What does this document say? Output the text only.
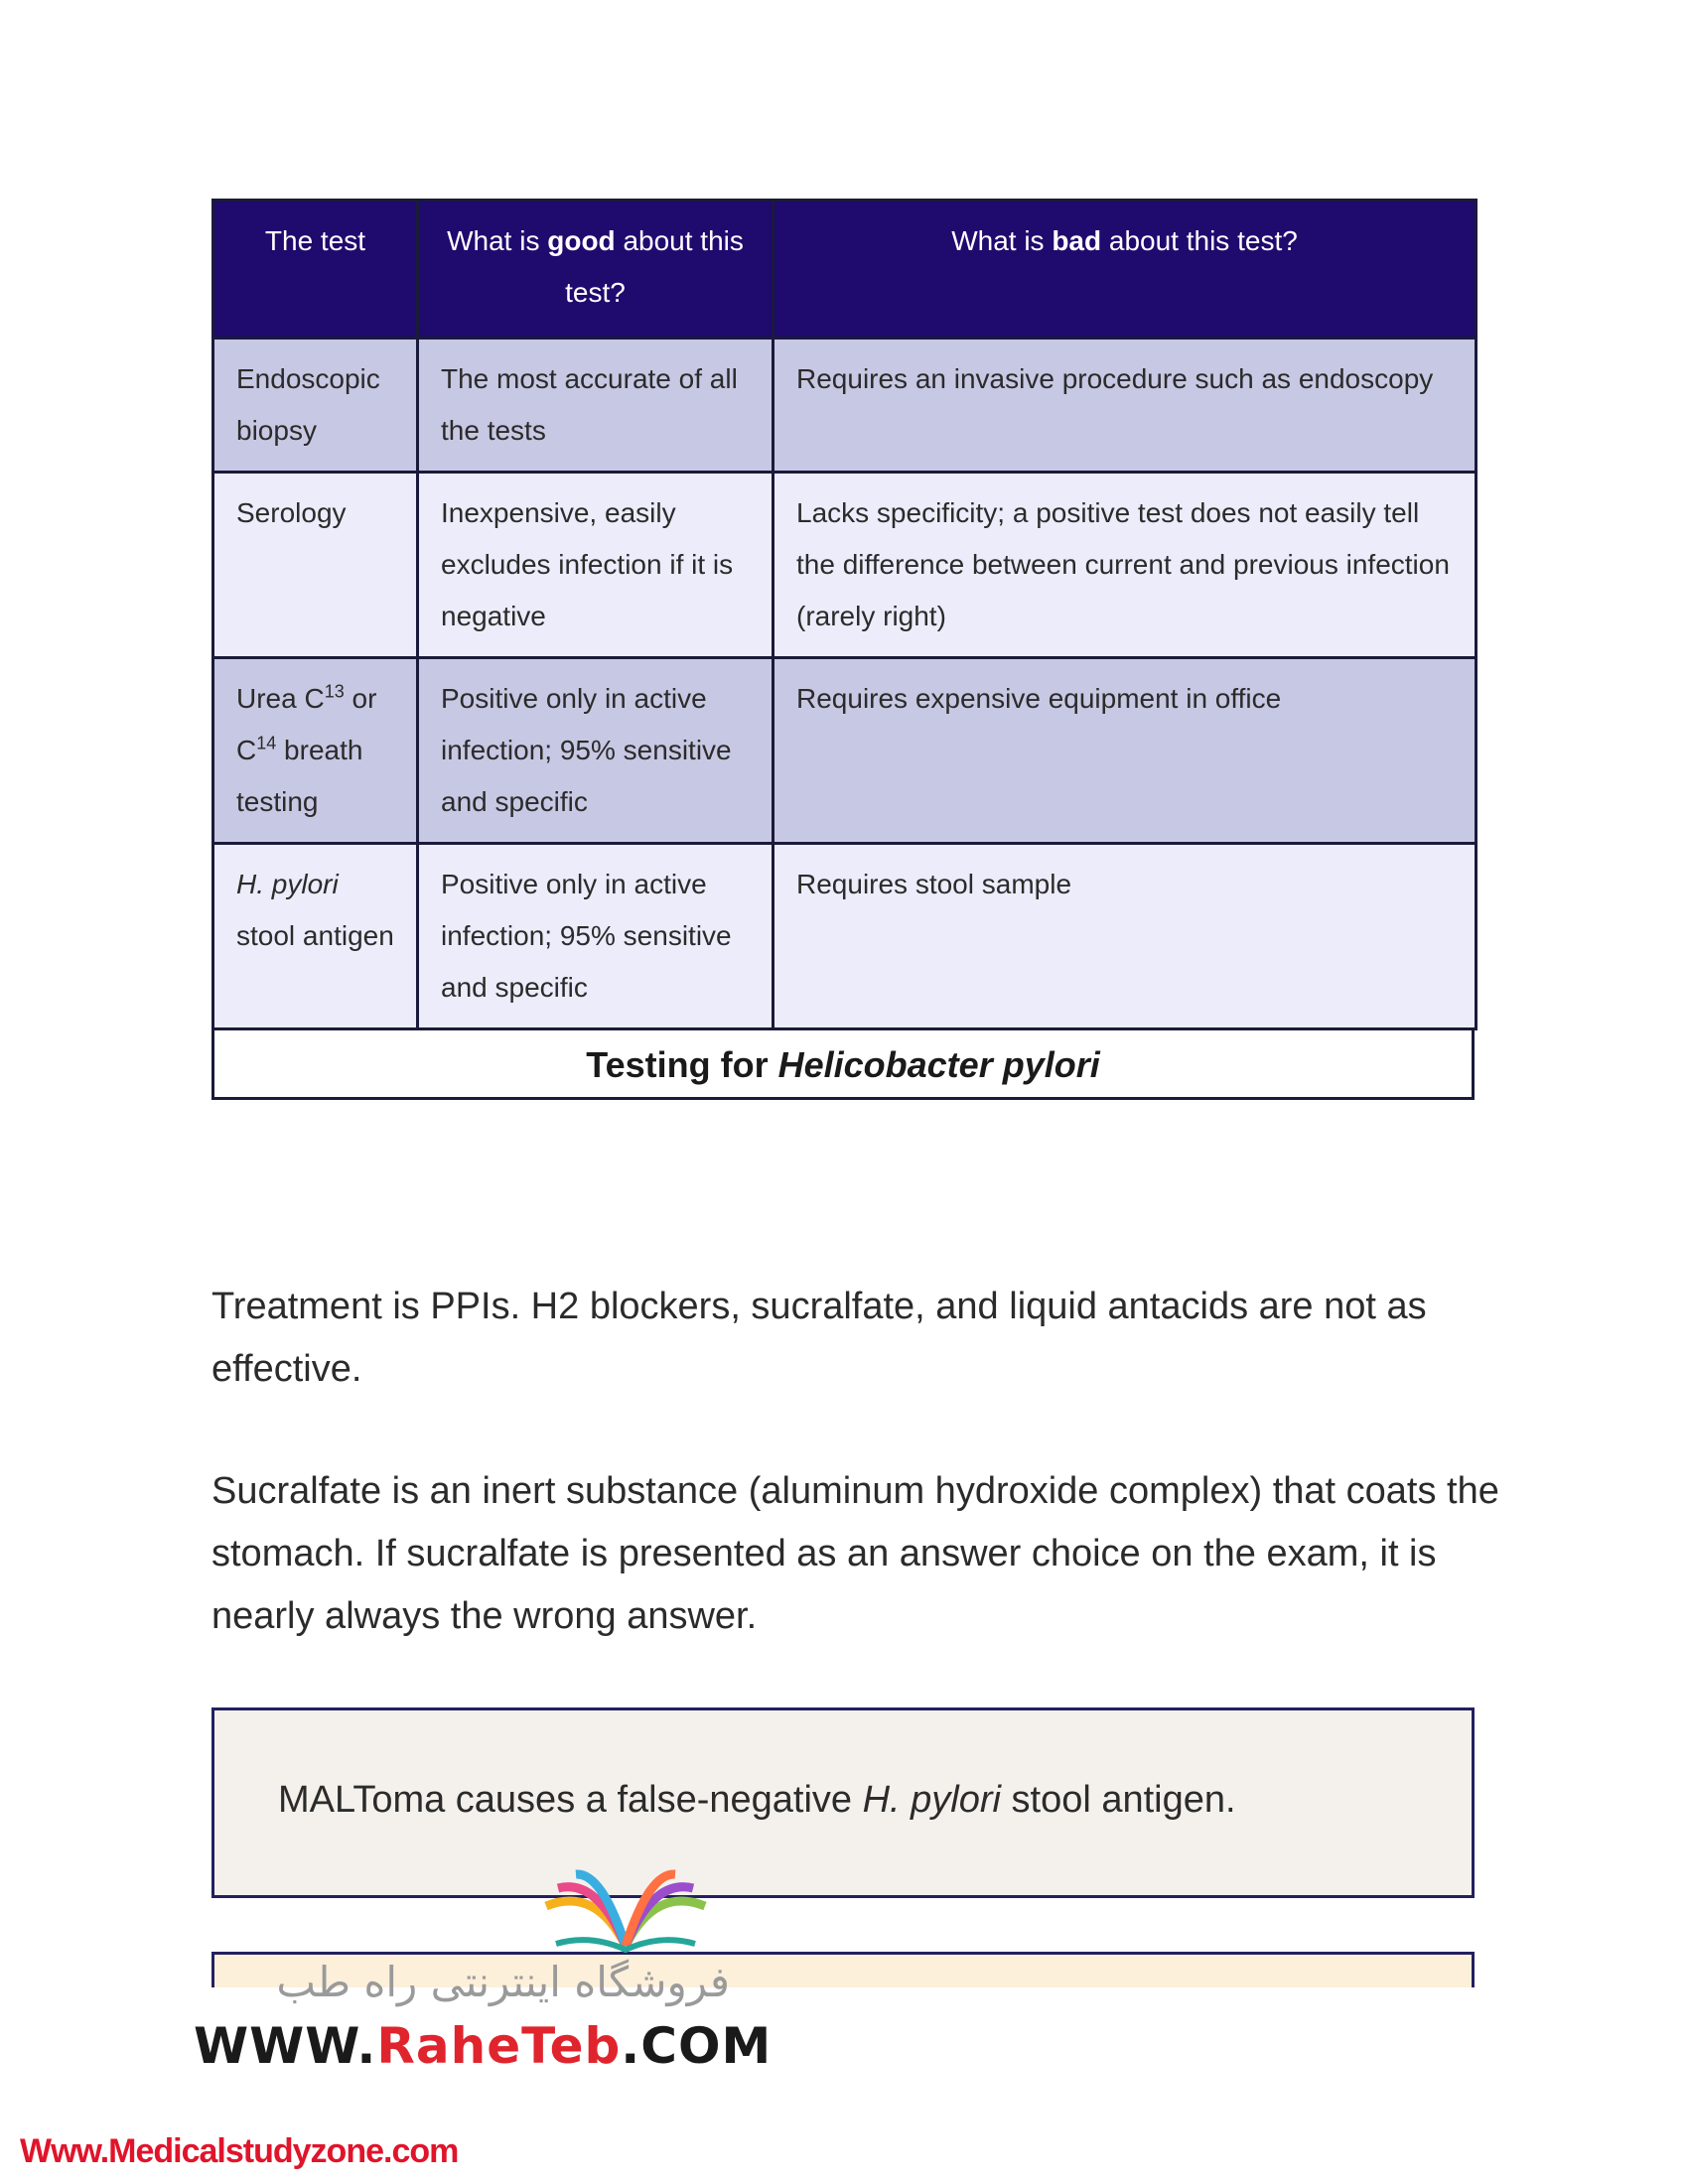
The test	What is good about this test?	What is bad about this test?
Endoscopic biopsy	The most accurate of all the tests	Requires an invasive procedure such as endoscopy
Serology	Inexpensive, easily excludes infection if it is negative	Lacks specificity; a positive test does not easily tell the difference between current and previous infection (rarely right)
Urea $C^{13}$ or $C^{14}$ breath testing	Positive only in active infection; 95% sensitive and specific	Requires expensive equipment in office
H. pylori stool antigen	Positive only in active infection; 95% sensitive and specific	Requires stool sample
Testing for Helicobacter pylori

Treatment is PPIs. H2 blockers, sucralfate, and liquid antacids are not as effective.

Sucralfate is an inert substance (aluminum hydroxide complex) that coats the stomach. If sucralfate is presented as an answer choice on the exam, it is nearly always the wrong answer.

MALToma causes a false-negative H. pylori stool antigen.
فروشگاه اینترنتی راه طب
WWW.RaheTeb.COM
Www.Medicalstudyzone.com
